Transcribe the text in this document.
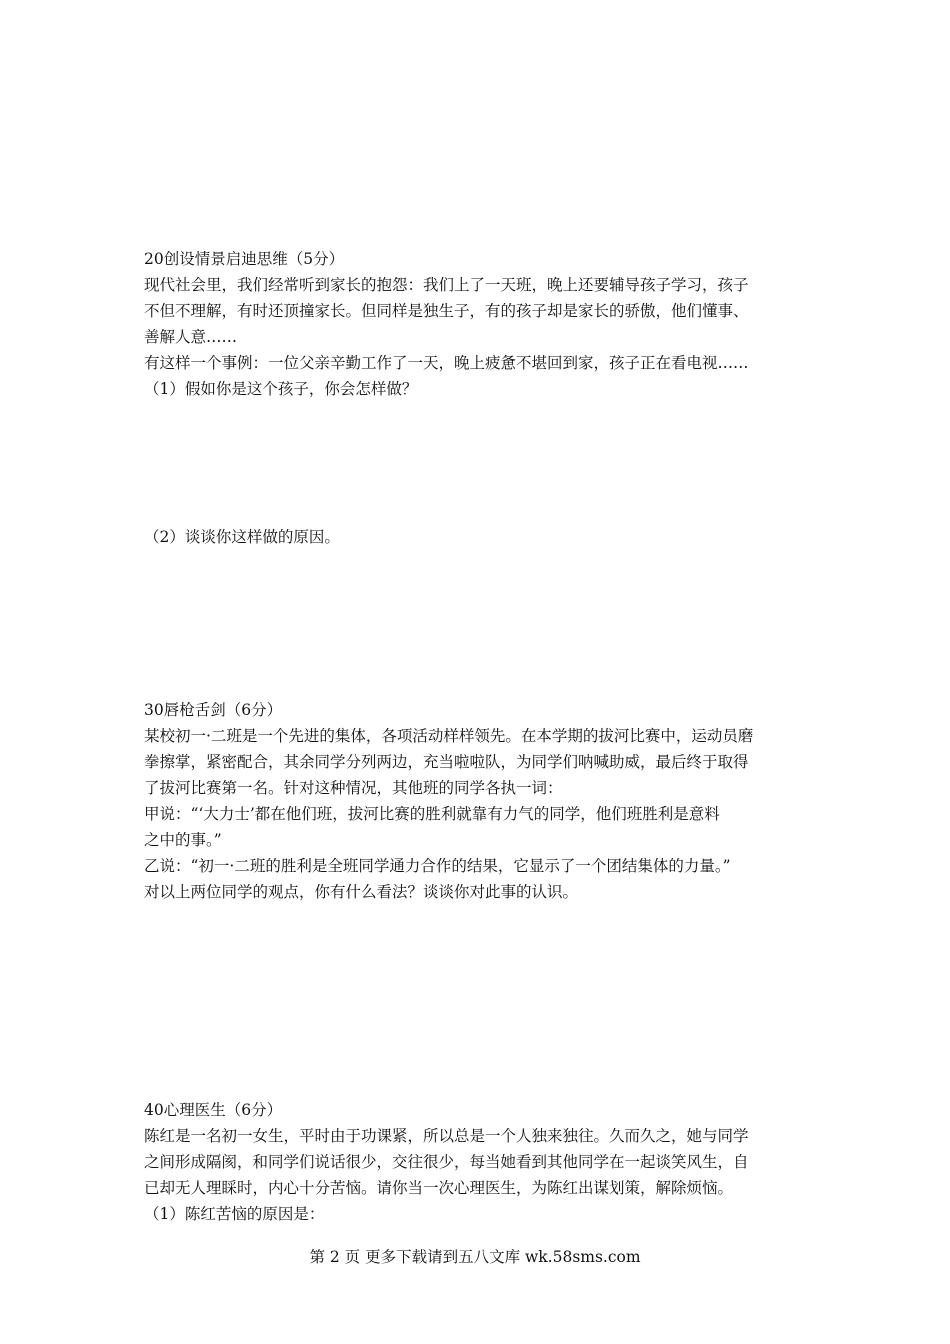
20创设情景启迪思维（5分）
现代社会里，我们经常听到家长的抱怨：我们上了一天班，晚上还要辅导孩子学习，孩子
不但不理解，有时还顶撞家长。但同样是独生子，有的孩子却是家长的骄傲，他们懂事、
善解人意……
有这样一个事例：一位父亲辛勤工作了一天，晚上疲惫不堪回到家，孩子正在看电视……
（1）假如你是这个孩子，你会怎样做？
（2）谈谈你这样做的原因。
30唇枪舌剑（6分）
某校初一·二班是一个先进的集体，各项活动样样领先。在本学期的拔河比赛中，运动员磨
拳擦掌，紧密配合，其余同学分列两边，充当啦啦队，为同学们呐喊助威，最后终于取得
了拔河比赛第一名。针对这种情况，其他班的同学各执一词：
甲说：“‘大力士’都在他们班，拔河比赛的胜利就靠有力气的同学，他们班胜利是意料
之中的事。”
乙说：“初一·二班的胜利是全班同学通力合作的结果，它显示了一个团结集体的力量。”
对以上两位同学的观点，你有什么看法？谈谈你对此事的认识。
40心理医生（6分）
陈红是一名初一女生，平时由于功课紧，所以总是一个人独来独往。久而久之，她与同学
之间形成隔阂，和同学们说话很少，交往很少，每当她看到其他同学在一起谈笑风生，自
已却无人理睬时，内心十分苦恼。请你当一次心理医生，为陈红出谋划策，解除烦恼。
（1）陈红苦恼的原因是：
第 2 页 更多下载请到五八文库 wk.58sms.com
